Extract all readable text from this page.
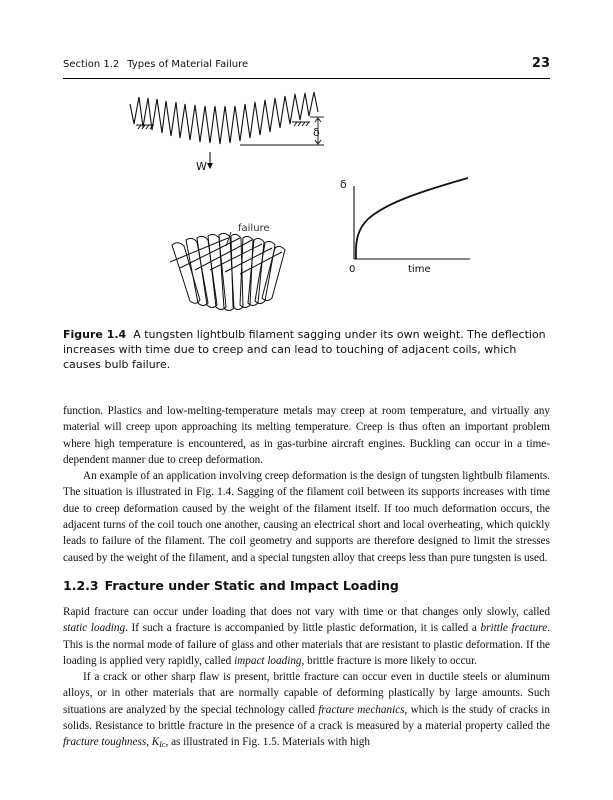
Section 1.2 Types of Material Failure	23
δ
W
failure
δ
0	time
Figure 1.4 A tungsten lightbulb filament sagging under its own weight. The deflection increases with time due to creep and can lead to touching of adjacent coils, which causes bulb failure.

function. Plastics and low-melting-temperature metals may creep at room temperature, and virtually any material will creep upon approaching its melting temperature. Creep is thus often an important problem where high temperature is encountered, as in gas-turbine aircraft engines. Buckling can occur in a time-dependent manner due to creep deformation.

An example of an application involving creep deformation is the design of tungsten lightbulb filaments. The situation is illustrated in Fig. 1.4. Sagging of the filament coil between its supports increases with time due to creep deformation caused by the weight of the filament itself. If too much deformation occurs, the adjacent turns of the coil touch one another, causing an electrical short and local overheating, which quickly leads to failure of the filament. The coil geometry and supports are therefore designed to limit the stresses caused by the weight of the filament, and a special tungsten alloy that creeps less than pure tungsten is used.

1.2.3 Fracture under Static and Impact Loading

Rapid fracture can occur under loading that does not vary with time or that changes only slowly, called static loading. If such a fracture is accompanied by little plastic deformation, it is called a brittle fracture. This is the normal mode of failure of glass and other materials that are resistant to plastic deformation. If the loading is applied very rapidly, called impact loading, brittle fracture is more likely to occur.

If a crack or other sharp flaw is present, brittle fracture can occur even in ductile steels or aluminum alloys, or in other materials that are normally capable of deforming plastically by large amounts. Such situations are analyzed by the special technology called fracture mechanics, which is the study of cracks in solids. Resistance to brittle fracture in the presence of a crack is measured by a material property called the fracture toughness, $K_{Ic}$, as illustrated in Fig. 1.5. Materials with high
